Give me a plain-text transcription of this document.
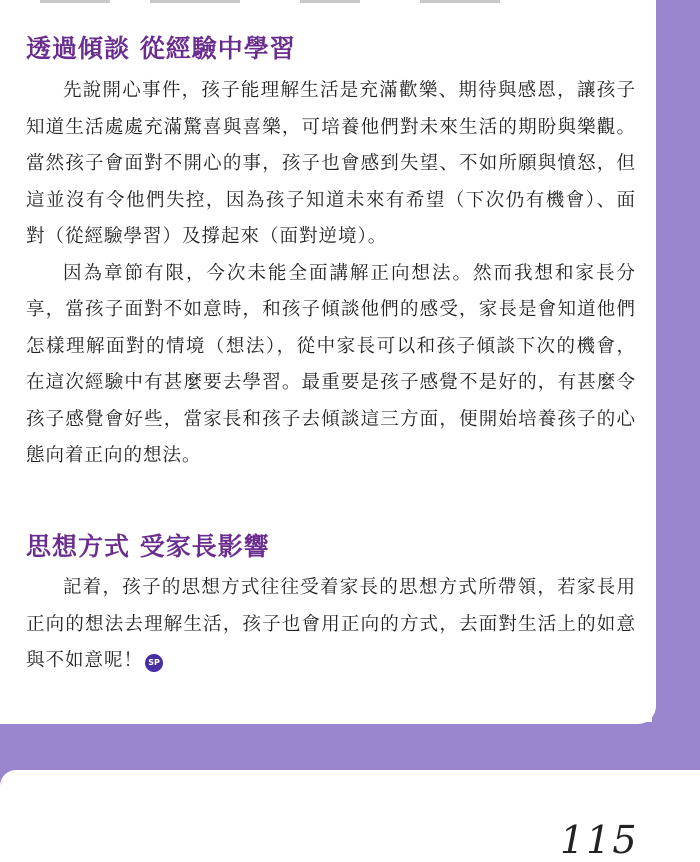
透過傾談 從經驗中學習

先說開心事件，孩子能理解生活是充滿歡樂、期待與感恩，讓孩子知道生活處處充滿驚喜與喜樂，可培養他們對未來生活的期盼與樂觀。當然孩子會面對不開心的事，孩子也會感到失望、不如所願與憤怒，但這並沒有令他們失控，因為孩子知道未來有希望（下次仍有機會）、面對（從經驗學習）及撐起來（面對逆境）。

因為章節有限，今次未能全面講解正向想法。然而我想和家長分享，當孩子面對不如意時，和孩子傾談他們的感受，家長是會知道他們怎樣理解面對的情境（想法），從中家長可以和孩子傾談下次的機會，在這次經驗中有甚麼要去學習。最重要是孩子感覺不是好的，有甚麼令孩子感覺會好些，當家長和孩子去傾談這三方面，便開始培養孩子的心態向着正向的想法。

思想方式 受家長影響

記着，孩子的思想方式往往受着家長的思想方式所帶領，若家長用正向的想法去理解生活，孩子也會用正向的方式，去面對生活上的如意與不如意呢！ SP

115
